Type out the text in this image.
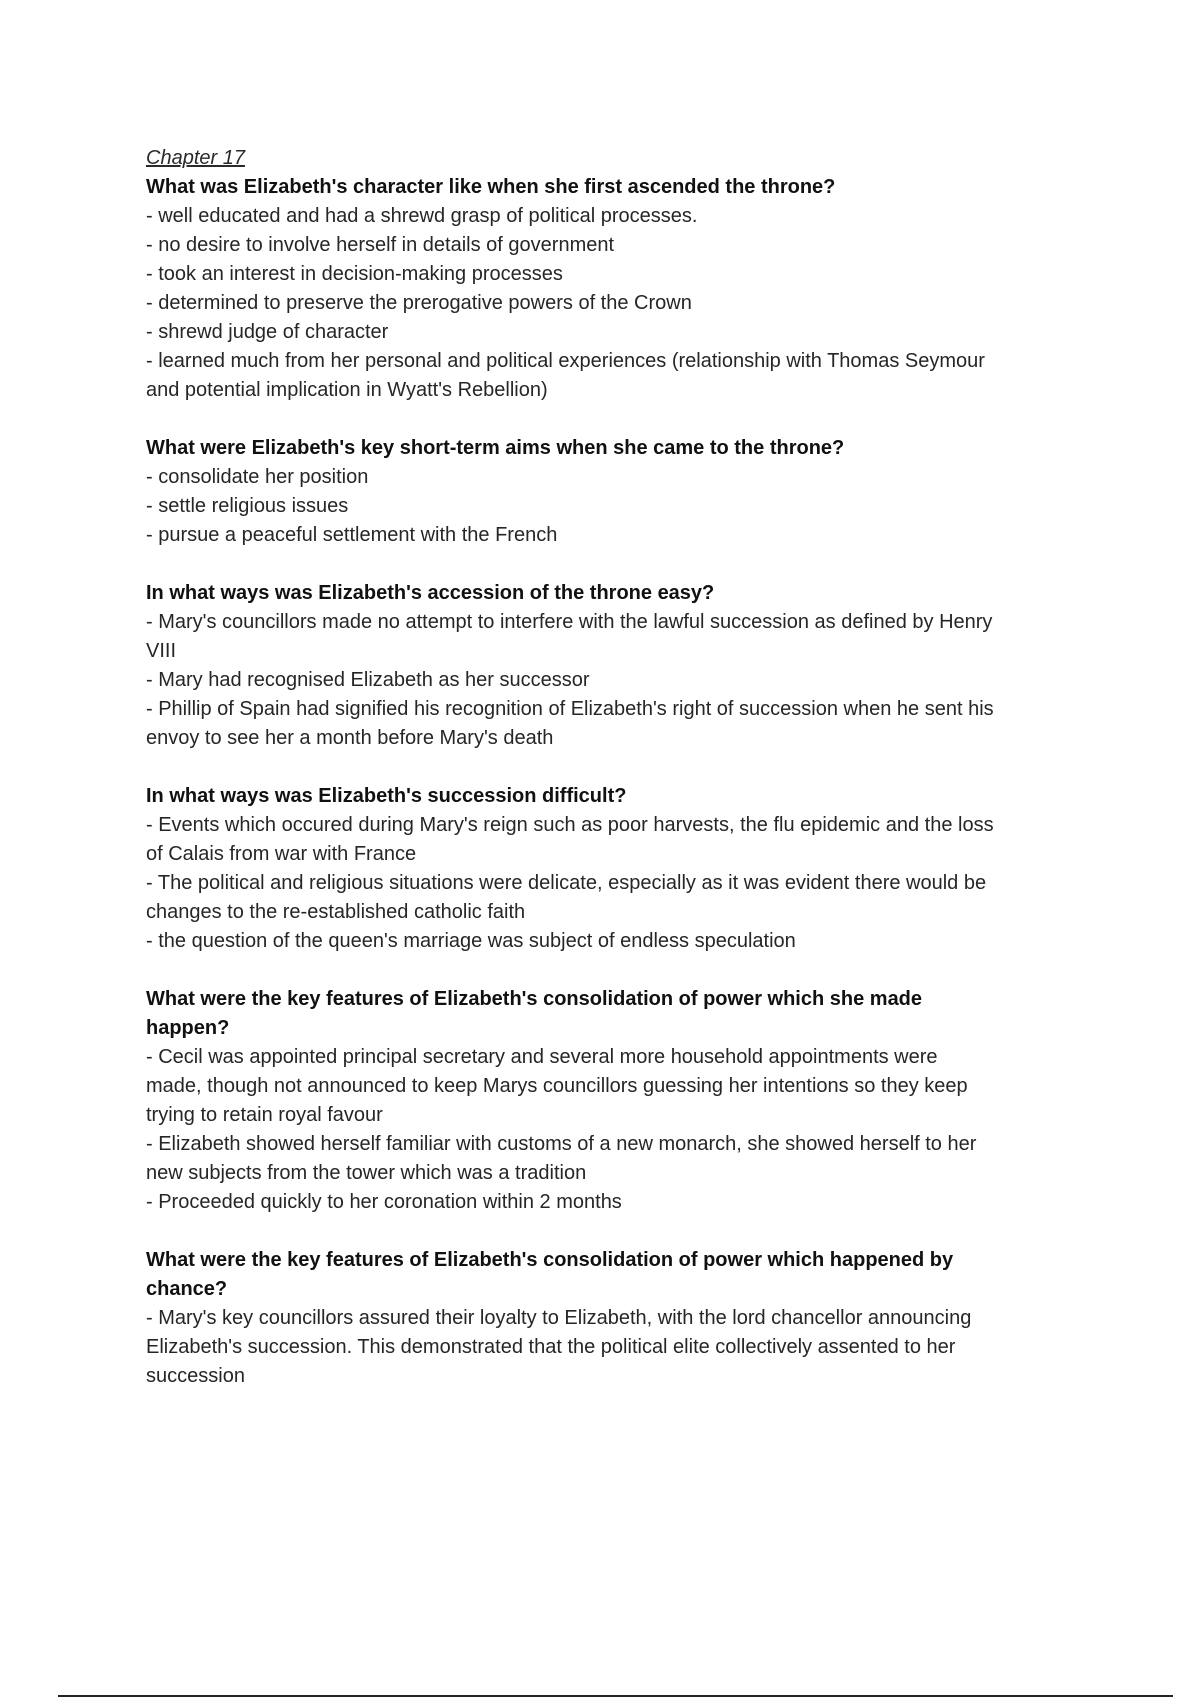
Chapter 17
What was Elizabeth's character like when she first ascended the throne?
- well educated and had a shrewd grasp of political processes.
- no desire to involve herself in details of government
- took an interest in decision-making processes
- determined to preserve the prerogative powers of the Crown
- shrewd judge of character
- learned much from her personal and political experiences (relationship with Thomas Seymour
and potential implication in Wyatt's Rebellion)
What were Elizabeth's key short-term aims when she came to the throne?
- consolidate her position
- settle religious issues
- pursue a peaceful settlement with the French
In what ways was Elizabeth's accession of the throne easy?
- Mary's councillors made no attempt to interfere with the lawful succession as defined by Henry
VIII
- Mary had recognised Elizabeth as her successor
- Phillip of Spain had signified his recognition of Elizabeth's right of succession when he sent his
envoy to see her a month before Mary's death
In what ways was Elizabeth's succession difficult?
- Events which occured during Mary's reign such as poor harvests, the flu epidemic and the loss
of Calais from war with France
- The political and religious situations were delicate, especially as it was evident there would be
changes to the re-established catholic faith
- the question of the queen's marriage was subject of endless speculation
What were the key features of Elizabeth's consolidation of power which she made
happen?
- Cecil was appointed principal secretary and several more household appointments were
made, though not announced to keep Marys councillors guessing her intentions so they keep
trying to retain royal favour
- Elizabeth showed herself familiar with customs of a new monarch, she showed herself to her
new subjects from the tower which was a tradition
- Proceeded quickly to her coronation within 2 months
What were the key features of Elizabeth's consolidation of power which happened by
chance?
- Mary's key councillors assured their loyalty to Elizabeth, with the lord chancellor announcing
Elizabeth's succession. This demonstrated that the political elite collectively assented to her
succession
